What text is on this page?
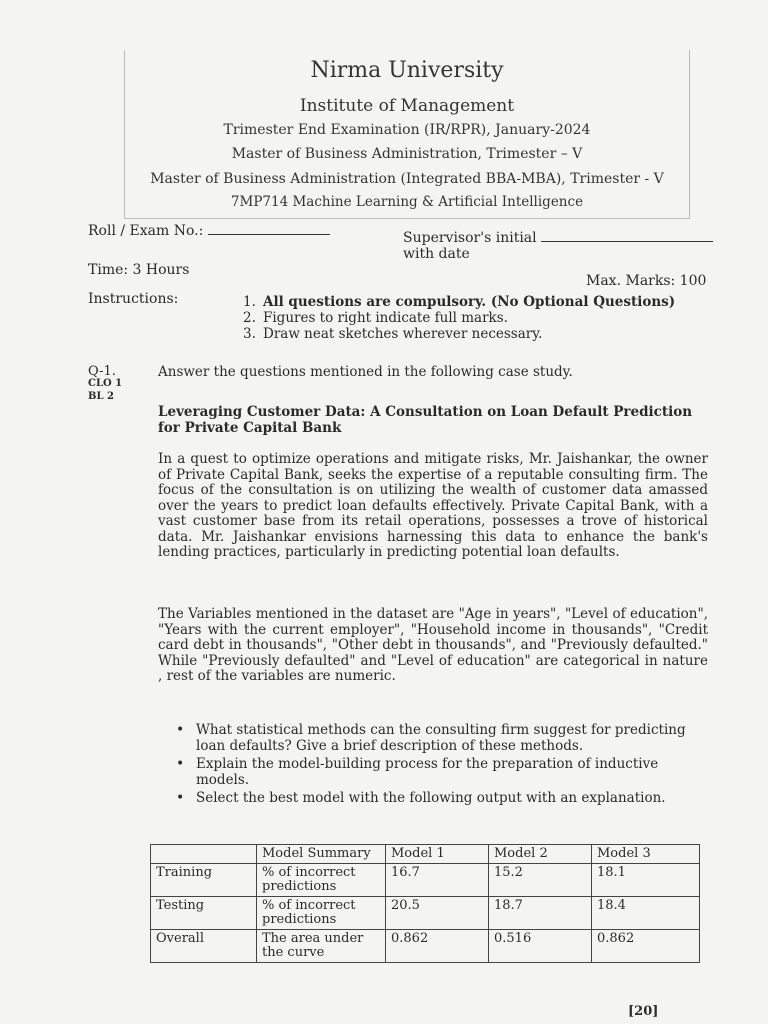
Nirma University
Institute of Management
Trimester End Examination (IR/RPR), January-2024
Master of Business Administration, Trimester – V
Master of Business Administration (Integrated BBA-MBA), Trimester - V
7MP714 Machine Learning & Artificial Intelligence
Roll / Exam No.:	Supervisor's initial
with date
Time: 3 Hours
Max. Marks: 100
Instructions:	1. All questions are compulsory. (No Optional Questions)
2. Figures to right indicate full marks.
3. Draw neat sketches wherever necessary.
Q-1.
CLO 1
BL 2
Answer the questions mentioned in the following case study.
Leveraging Customer Data: A Consultation on Loan Default Prediction for Private Capital Bank
In a quest to optimize operations and mitigate risks, Mr. Jaishankar, the owner of Private Capital Bank, seeks the expertise of a reputable consulting firm. The focus of the consultation is on utilizing the wealth of customer data amassed over the years to predict loan defaults effectively. Private Capital Bank, with a vast customer base from its retail operations, possesses a trove of historical data. Mr. Jaishankar envisions harnessing this data to enhance the bank's lending practices, particularly in predicting potential loan defaults.
The Variables mentioned in the dataset are "Age in years", "Level of education", "Years with the current employer", "Household income in thousands", "Credit card debt in thousands", "Other debt in thousands", and "Previously defaulted." While "Previously defaulted" and "Level of education" are categorical in nature , rest of the variables are numeric.
• What statistical methods can the consulting firm suggest for predicting loan defaults? Give a brief description of these methods.
• Explain the model-building process for the preparation of inductive models.
• Select the best model with the following output with an explanation.
	Model Summary	Model 1	Model 2	Model 3
Training	% of incorrect predictions	16.7	15.2	18.1
Testing	% of incorrect predictions	20.5	18.7	18.4
Overall	The area under the curve	0.862	0.516	0.862
[20]
